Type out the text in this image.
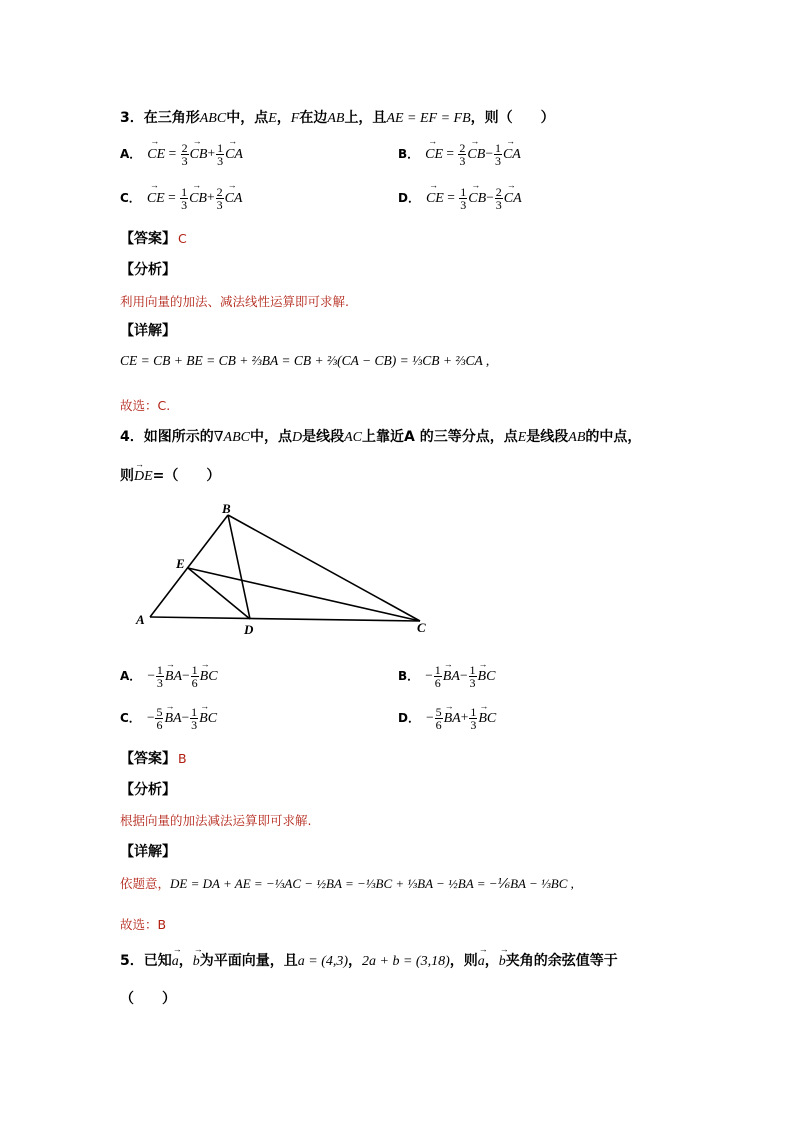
3．在三角形ABC中，点E，F在边AB上，且AE = EF = FB，则（　　）
A．→ CE = $\frac{2}{3}$
→ $CB+ \frac{1}{3}$
→ CA	B．→ CE = $\frac{2}{3}$
→ $CB- \frac{1}{3}$
→ CA
C．→ CE = $\frac{1}{3}$
→ $CB+ \frac{2}{3}$
→ CA	D．→ CE = $\frac{1}{3}$
→ $CB- \frac{2}{3}$
→ CA
【答案】 C
【分析】
利用向量的加法、减法线性运算即可求解.
【详解】
CE = CB + BE = CB + ⅔BA = CB + ⅔(CA − CB) = ⅓CB + ⅔CA ,
故选：C.
4．如图所示的∇ABC中，点D是线段AC上靠近A 的三等分点，点E是线段AB的中点，
则→ DE=（　　）
B
E
A
D	C
A． − $\frac{1}{3}$
→ $BA- \frac{1}{6}$
→ BC	B． − $\frac{1}{6}$
→ $BA- \frac{1}{3}$
→ BC
C． − $\frac{5}{6}$
→ $BA- \frac{1}{3}$
→ BC	D． − $\frac{5}{6}$
→ $BA+ \frac{1}{3}$
→ BC
【答案】 B
【分析】
根据向量的加法减法运算即可求解.
【详解】
依题意，DE = DA + AE = −⅓AC − ½BA = −⅓BC + ⅓BA − ½BA = −⅙BA − ⅓BC ,
故选：B
5．已知→ a，→ b为平面向量，且a = (4,3)，2a + b = (3,18)，则→ a，→ b夹角的余弦值等于
（　　）
